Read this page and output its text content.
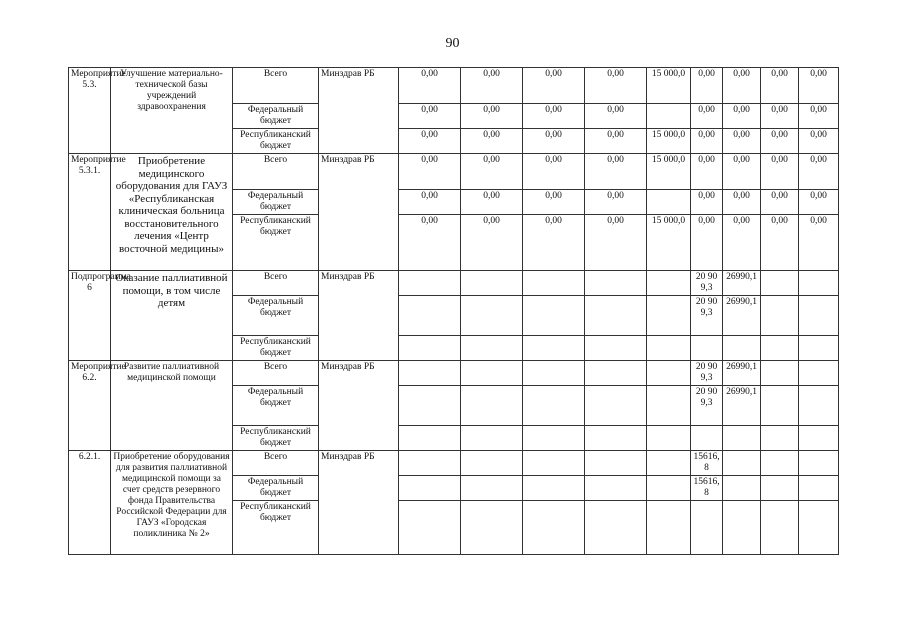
90
Мероприятие 5.3.	Улучшение материально-технической базы учреждений здравоохранения	Всего	Минздрав РБ	0,00	0,00	0,00	0,00	15 000,0	0,00	0,00	0,00	0,00
		Федеральный бюджет		0,00	0,00	0,00	0,00		0,00	0,00	0,00	0,00
		Республиканский бюджет		0,00	0,00	0,00	0,00	15 000,0	0,00	0,00	0,00	0,00
Мероприятие 5.3.1.	Приобретение медицинского оборудования для ГАУЗ «Республиканская клиническая больница восстановительного лечения «Центр восточной медицины»	Всего	Минздрав РБ	0,00	0,00	0,00	0,00	15 000,0	0,00	0,00	0,00	0,00
		Федеральный бюджет		0,00	0,00	0,00	0,00		0,00	0,00	0,00	0,00
		Республиканский бюджет		0,00	0,00	0,00	0,00	15 000,0	0,00	0,00	0,00	0,00
Подпрограмма 6	Оказание паллиативной помощи, в том числе детям	Всего	Минздрав РБ						20 909,3	26990,1		
		Федеральный бюджет							20 909,3	26990,1		
		Республиканский бюджет										
Мероприятие 6.2.	Развитие паллиативной медицинской помощи	Всего	Минздрав РБ						20 909,3	26990,1		
		Федеральный бюджет							20 909,3	26990,1		
		Республиканский бюджет										
6.2.1.	Приобретение оборудования для развития паллиативной медицинской помощи за счет средств резервного фонда Правительства Российской Федерации для ГАУЗ «Городская поликлиника № 2»	Всего	Минздрав РБ						15616,8			
		Федеральный бюджет							15616,8			
		Республиканский бюджет										
